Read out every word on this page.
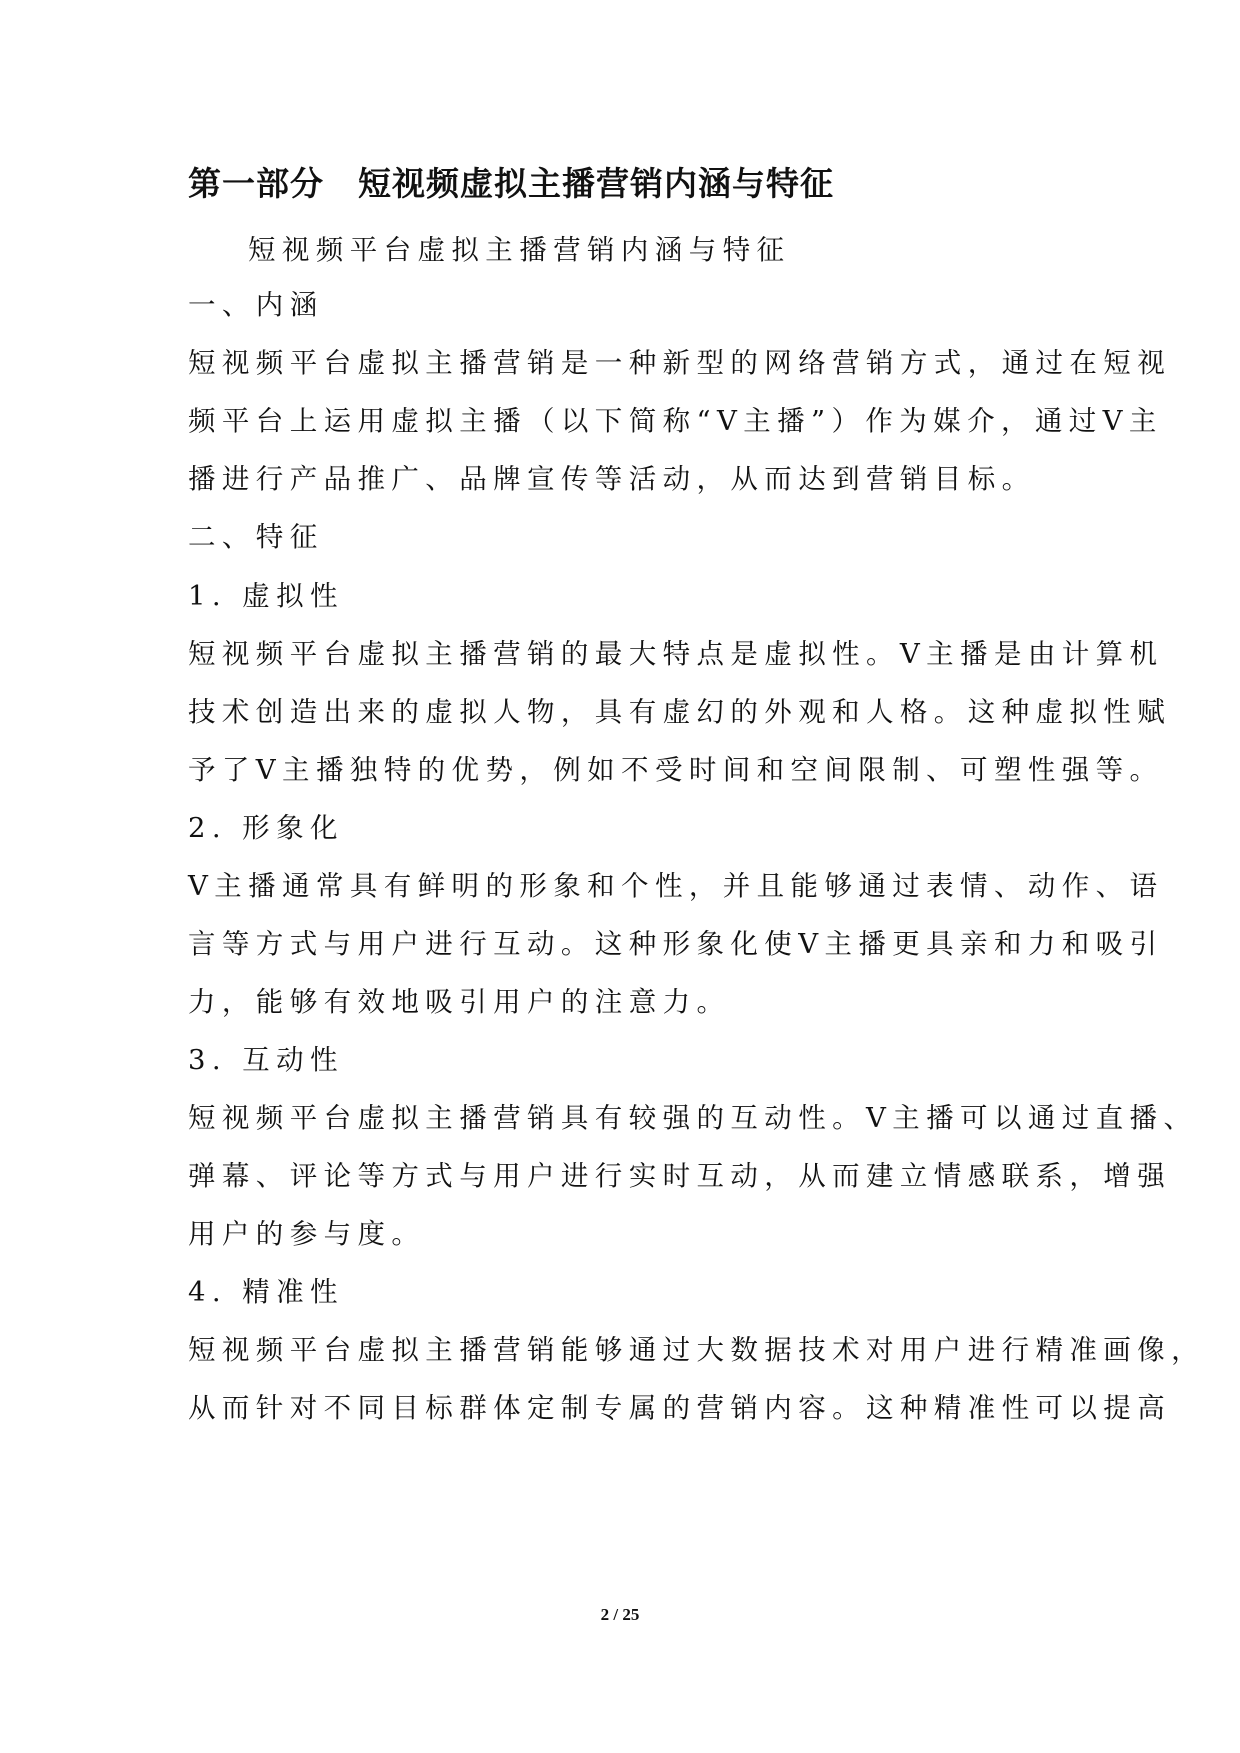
第一部分　短视频虚拟主播营销内涵与特征
短视频平台虚拟主播营销内涵与特征
一、内涵
短视频平台虚拟主播营销是一种新型的网络营销方式，通过在短视
频平台上运用虚拟主播（以下简称“V主播”）作为媒介，通过V主
播进行产品推广、品牌宣传等活动，从而达到营销目标。
二、特征
1. 虚拟性
短视频平台虚拟主播营销的最大特点是虚拟性。V主播是由计算机
技术创造出来的虚拟人物，具有虚幻的外观和人格。这种虚拟性赋
予了V主播独特的优势，例如不受时间和空间限制、可塑性强等。
2. 形象化
V主播通常具有鲜明的形象和个性，并且能够通过表情、动作、语
言等方式与用户进行互动。这种形象化使V主播更具亲和力和吸引
力，能够有效地吸引用户的注意力。
3. 互动性
短视频平台虚拟主播营销具有较强的互动性。V主播可以通过直播、
弹幕、评论等方式与用户进行实时互动，从而建立情感联系，增强
用户的参与度。
4. 精准性
短视频平台虚拟主播营销能够通过大数据技术对用户进行精准画像，
从而针对不同目标群体定制专属的营销内容。这种精准性可以提高
2 / 25
